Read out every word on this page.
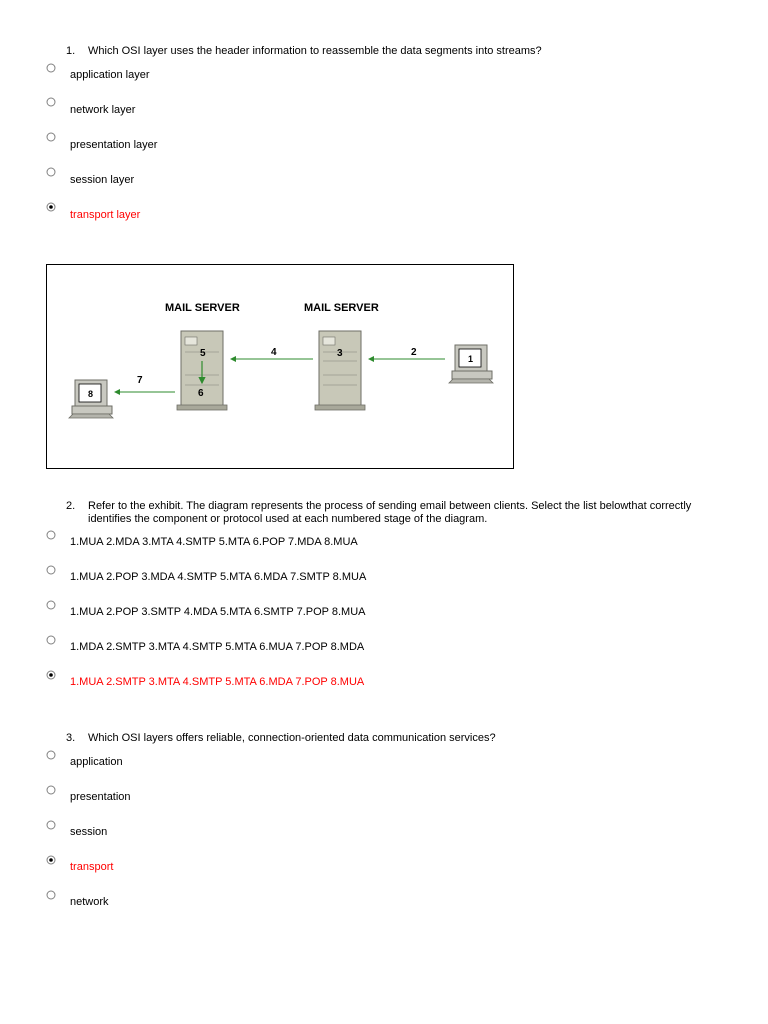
1. Which OSI layer uses the header information to reassemble the data segments into streams?
application layer
network layer
presentation layer
session layer
transport layer
MAIL SERVER	MAIL SERVER
5
6
3
4	2
1
7
8
2. Refer to the exhibit. The diagram represents the process of sending email between clients. Select the list belowthat correctly identifies the component or protocol used at each numbered stage of the diagram.
1.MUA 2.MDA 3.MTA 4.SMTP 5.MTA 6.POP 7.MDA 8.MUA
1.MUA 2.POP 3.MDA 4.SMTP 5.MTA 6.MDA 7.SMTP 8.MUA
1.MUA 2.POP 3.SMTP 4.MDA 5.MTA 6.SMTP 7.POP 8.MUA
1.MDA 2.SMTP 3.MTA 4.SMTP 5.MTA 6.MUA 7.POP 8.MDA
1.MUA 2.SMTP 3.MTA 4.SMTP 5.MTA 6.MDA 7.POP 8.MUA
3. Which OSI layers offers reliable, connection-oriented data communication services?
application
presentation
session
transport
network
